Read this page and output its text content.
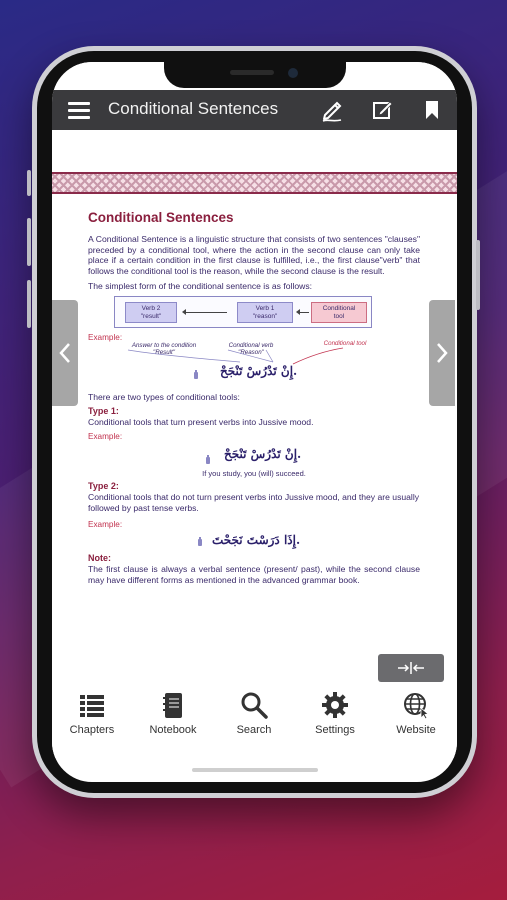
Conditional Sentences
Conditional Sentences
A Conditional Sentence is a linguistic structure that consists of two sentences "clauses" preceded by a conditional tool, where the action in the second clause can only take place if a certain condition in the first clause is fulfilled, i.e., the first clause"verb" that follows the conditional tool is the reason, while the second clause is the result.
The simplest form of the conditional sentence is as follows:
Verb 2
"result"
Verb 1
"reason"
Conditional
tool
Example:
Answer to the condition
"Result"
Conditional verb
"Reason"
Conditional tool
إِنْ تَدْرُسْ تَنْجَحْ.
There are two types of conditional tools:
Type 1:
Conditional tools that turn present verbs into Jussive mood.
Example:
إِنْ تَدْرُسْ تَنْجَحْ.
If you study, you (will) succeed.
Type 2:
Conditional tools that do not turn present verbs into Jussive mood, and they are usually followed by past tense verbs.
Example:
إِذَا دَرَسْتَ نَجَحْتَ.
Note:
The first clause is always a verbal sentence (present/ past), while the second clause may have different forms as mentioned in the advanced grammar book.
Chapters	Notebook	Search	Settings	Website
